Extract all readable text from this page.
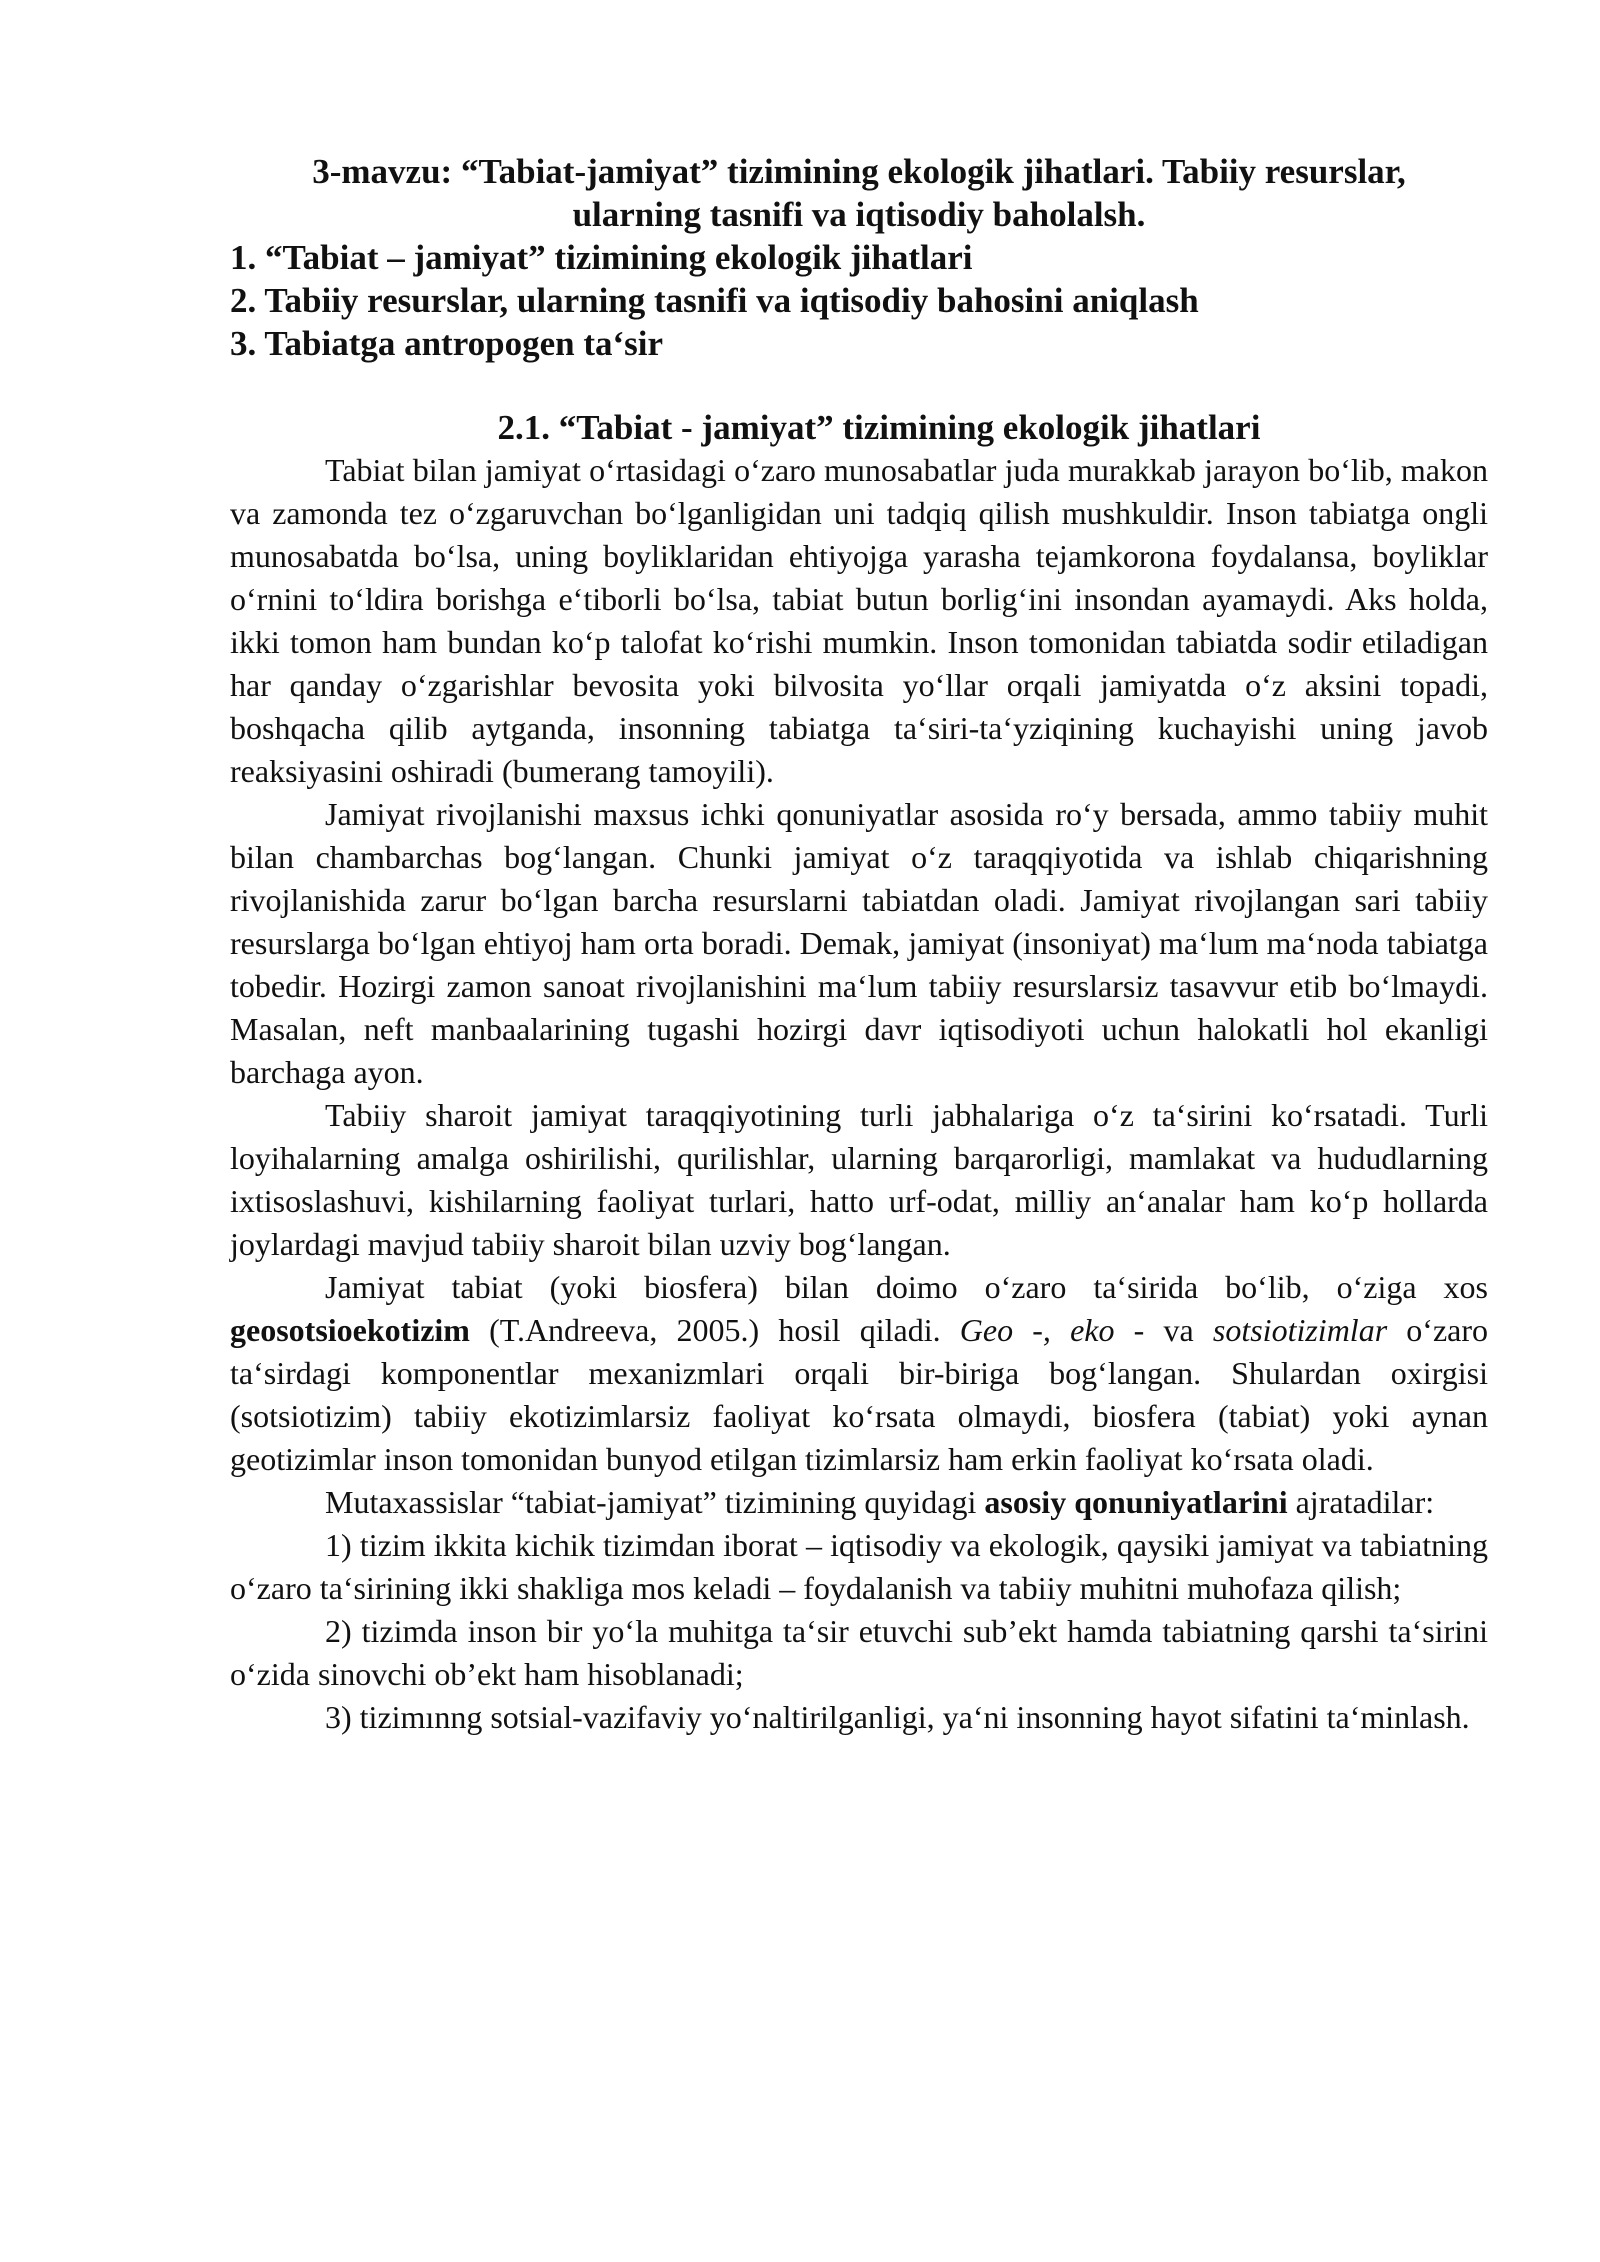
3-mavzu: “Tabiat-jamiyat” tizimining ekologik jihatlari. Tabiiy resurslar,
ularning tasnifi va iqtisodiy baholalsh.
1. “Tabiat – jamiyat” tizimining ekologik jihatlari
2. Tabiiy resurslar, ularning tasnifi va iqtisodiy bahosini aniqlash
3. Tabiatga antropogen ta‘sir
2.1. “Tabiat - jamiyat” tizimining ekologik jihatlari

Tabiat bilan jamiyat o‘rtasidagi o‘zaro munosabatlar juda murakkab jarayon bo‘lib, makon va zamonda tez o‘zgaruvchan bo‘lganligidan uni tadqiq qilish mushkuldir. Inson tabiatga ongli munosabatda bo‘lsa, uning boyliklaridan ehtiyojga yarasha tejamkorona foydalansa, boyliklar o‘rnini to‘ldira borishga e‘tiborli bo‘lsa, tabiat butun borlig‘ini insondan ayamaydi. Aks holda, ikki tomon ham bundan ko‘p talofat ko‘rishi mumkin. Inson tomonidan tabiatda sodir etiladigan har qanday o‘zgarishlar bevosita yoki bilvosita yo‘llar orqali jamiyatda o‘z aksini topadi, boshqacha qilib aytganda, insonning tabiatga ta‘siri-ta‘yziqining kuchayishi uning javob reaksiyasini oshiradi (bumerang tamoyili).

Jamiyat rivojlanishi maxsus ichki qonuniyatlar asosida ro‘y bersada, ammo tabiiy muhit bilan chambarchas bog‘langan. Chunki jamiyat o‘z taraqqiyotida va ishlab chiqarishning rivojlanishida zarur bo‘lgan barcha resurslarni tabiatdan oladi. Jamiyat rivojlangan sari tabiiy resurslarga bo‘lgan ehtiyoj ham orta boradi. Demak, jamiyat (insoniyat) ma‘lum ma‘noda tabiatga tobedir. Hozirgi zamon sanoat rivojlanishini ma‘lum tabiiy resurslarsiz tasavvur etib bo‘lmaydi. Masalan, neft manbaalarining tugashi hozirgi davr iqtisodiyoti uchun halokatli hol ekanligi barchaga ayon.

Tabiiy sharoit jamiyat taraqqiyotining turli jabhalariga o‘z ta‘sirini ko‘rsatadi. Turli loyihalarning amalga oshirilishi, qurilishlar, ularning barqarorligi, mamlakat va hududlarning ixtisoslashuvi, kishilarning faoliyat turlari, hatto urf-odat, milliy an‘analar ham ko‘p hollarda joylardagi mavjud tabiiy sharoit bilan uzviy bog‘langan.

Jamiyat tabiat (yoki biosfera) bilan doimo o‘zaro ta‘sirida bo‘lib, o‘ziga xos geosotsioekotizim (T.Andreeva, 2005.) hosil qiladi. Geo -, eko - va sotsiotizimlar o‘zaro ta‘sirdagi komponentlar mexanizmlari orqali bir-biriga bog‘langan. Shulardan oxirgisi (sotsiotizim) tabiiy ekotizimlarsiz faoliyat ko‘rsata olmaydi, biosfera (tabiat) yoki aynan geotizimlar inson tomonidan bunyod etilgan tizimlarsiz ham erkin faoliyat ko‘rsata oladi.

Mutaxassislar “tabiat-jamiyat” tizimining quyidagi asosiy qonuniyatlarini ajratadilar:

1) tizim ikkita kichik tizimdan iborat – iqtisodiy va ekologik, qaysiki jamiyat va tabiatning o‘zaro ta‘sirining ikki shakliga mos keladi – foydalanish va tabiiy muhitni muhofaza qilish;

2) tizimda inson bir yo‘la muhitga ta‘sir etuvchi sub’ekt hamda tabiatning qarshi ta‘sirini o‘zida sinovchi ob’ekt ham hisoblanadi;

3) tizimınng sotsial-vazifaviy yo‘naltirilganligi, ya‘ni insonning hayot sifatini ta‘minlash.
